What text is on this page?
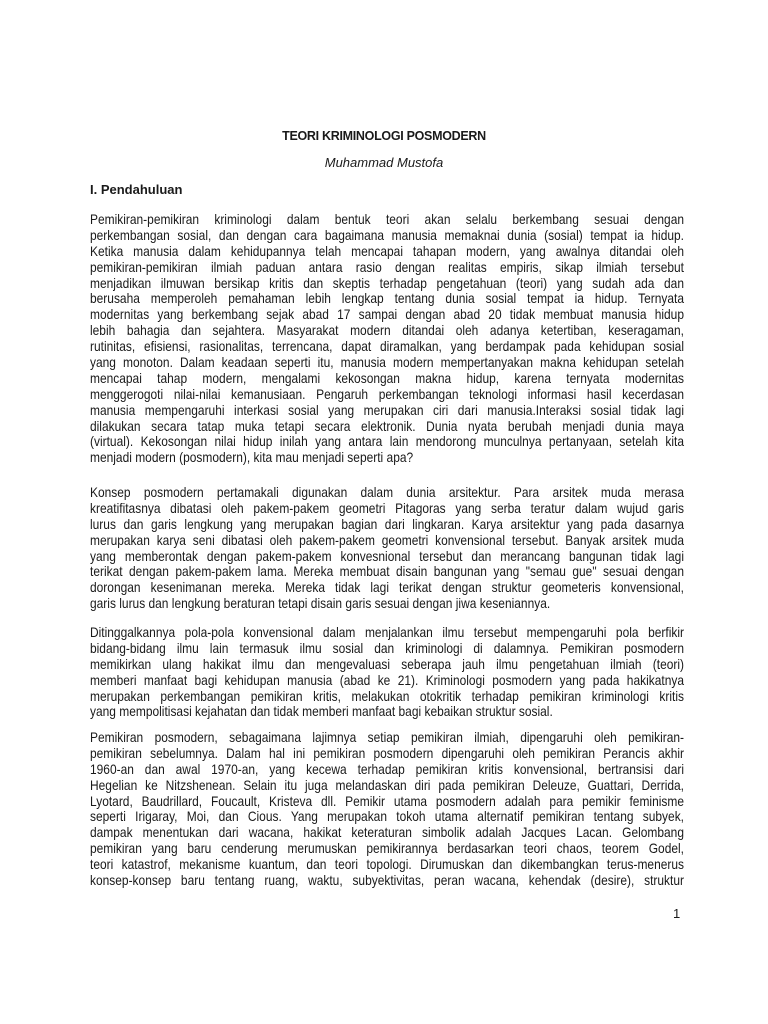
TEORI KRIMINOLOGI POSMODERN
Muhammad Mustofa
I. Pendahuluan
Pemikiran-pemikiran kriminologi dalam bentuk teori akan selalu berkembang sesuai dengan
perkembangan sosial, dan dengan cara bagaimana manusia memaknai dunia (sosial) tempat ia hidup.
Ketika manusia dalam kehidupannya telah mencapai tahapan modern, yang awalnya ditandai oleh
pemikiran-pemikiran ilmiah paduan antara rasio dengan realitas empiris, sikap ilmiah tersebut
menjadikan ilmuwan bersikap kritis dan skeptis terhadap pengetahuan (teori) yang sudah ada dan
berusaha memperoleh pemahaman lebih lengkap tentang dunia sosial tempat ia hidup. Ternyata
modernitas yang berkembang sejak abad 17 sampai dengan abad 20 tidak membuat manusia hidup
lebih bahagia dan sejahtera. Masyarakat modern ditandai oleh adanya ketertiban, keseragaman,
rutinitas, efisiensi, rasionalitas, terrencana, dapat diramalkan, yang berdampak pada kehidupan sosial
yang monoton. Dalam keadaan seperti itu, manusia modern mempertanyakan makna kehidupan setelah
mencapai tahap modern, mengalami kekosongan makna hidup, karena ternyata modernitas
menggerogoti nilai-nilai kemanusiaan. Pengaruh perkembangan teknologi informasi hasil kecerdasan
manusia mempengaruhi interkasi sosial yang merupakan ciri dari manusia.Interaksi sosial tidak lagi
dilakukan secara tatap muka tetapi secara elektronik. Dunia nyata berubah menjadi dunia maya
(virtual). Kekosongan nilai hidup inilah yang antara lain mendorong munculnya pertanyaan, setelah kita
menjadi modern (posmodern), kita mau menjadi seperti apa?
Konsep posmodern pertamakali digunakan dalam dunia arsitektur. Para arsitek muda merasa
kreatifitasnya dibatasi oleh pakem-pakem geometri Pitagoras yang serba teratur dalam wujud garis
lurus dan garis lengkung yang merupakan bagian dari lingkaran. Karya arsitektur yang pada dasarnya
merupakan karya seni dibatasi oleh pakem-pakem geometri konvensional tersebut. Banyak arsitek muda
yang memberontak dengan pakem-pakem konvesnional tersebut dan merancang bangunan tidak lagi
terikat dengan pakem-pakem lama. Mereka membuat disain bangunan yang "semau gue" sesuai dengan
dorongan kesenimanan mereka. Mereka tidak lagi terikat dengan struktur geometeris konvensional,
garis lurus dan lengkung beraturan tetapi disain garis sesuai dengan jiwa keseniannya.
Ditinggalkannya pola-pola konvensional dalam menjalankan ilmu tersebut mempengaruhi pola berfikir
bidang-bidang ilmu lain termasuk ilmu sosial dan kriminologi di dalamnya. Pemikiran posmodern
memikirkan ulang hakikat ilmu dan mengevaluasi seberapa jauh ilmu pengetahuan ilmiah (teori)
memberi manfaat bagi kehidupan manusia (abad ke 21). Kriminologi posmodern yang pada hakikatnya
merupakan perkembangan pemikiran kritis, melakukan otokritik terhadap pemikiran kriminologi kritis
yang mempolitisasi kejahatan dan tidak memberi manfaat bagi kebaikan struktur sosial.
Pemikiran posmodern, sebagaimana lajimnya setiap pemikiran ilmiah, dipengaruhi oleh pemikiran-
pemikiran sebelumnya. Dalam hal ini pemikiran posmodern dipengaruhi oleh pemikiran Perancis akhir
1960-an dan awal 1970-an, yang kecewa terhadap pemikiran kritis konvensional, bertransisi dari
Hegelian ke Nitzshenean. Selain itu juga melandaskan diri pada pemikiran Deleuze, Guattari, Derrida,
Lyotard, Baudrillard, Foucault, Kristeva dll. Pemikir utama posmodern adalah para pemikir feminisme
seperti Irigaray, Moi, dan Cious. Yang merupakan tokoh utama alternatif pemikiran tentang subyek,
dampak menentukan dari wacana, hakikat keteraturan simbolik adalah Jacques Lacan. Gelombang
pemikiran yang baru cenderung merumuskan pemikirannya berdasarkan teori chaos, teorem Godel,
teori katastrof, mekanisme kuantum, dan teori topologi. Dirumuskan dan dikembangkan terus-menerus
konsep-konsep baru tentang ruang, waktu, subyektivitas, peran wacana, kehendak (desire), struktur
1
